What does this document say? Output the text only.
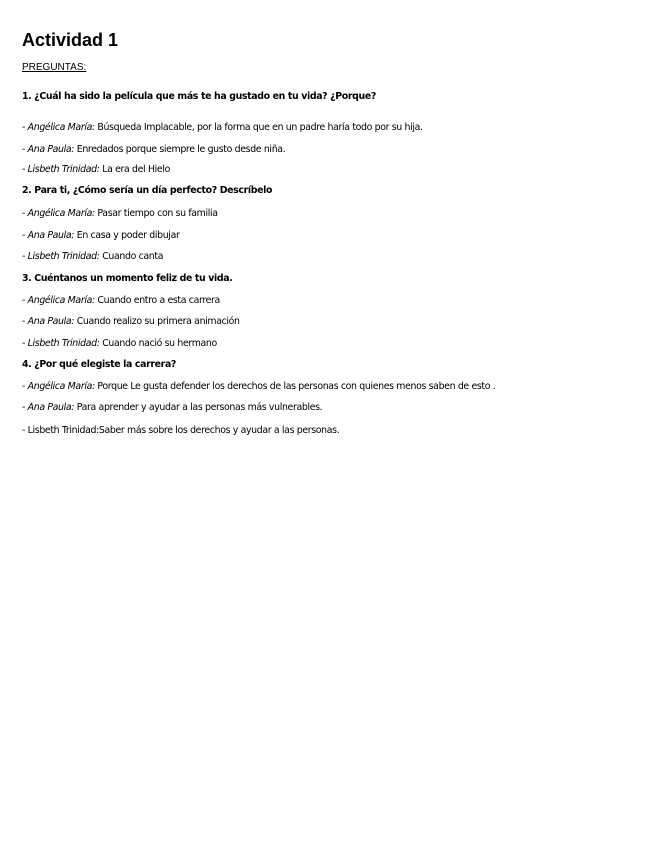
Actividad 1
PREGUNTAS:
1. ¿Cuál ha sido la película que más te ha gustado en tu vida? ¿Porque?
- Angélica María: Búsqueda Implacable, por la forma que en un padre haría todo por su hija.
- Ana Paula: Enredados porque siempre le gusto desde niña.
- Lisbeth Trinidad: La era del Hielo
2. Para ti, ¿Cómo sería un día perfecto? Descríbelo
- Angélica María: Pasar tiempo con su familia
- Ana Paula: En casa y poder dibujar
- Lisbeth Trinidad: Cuando canta
3. Cuéntanos un momento feliz de tu vida.
- Angélica María: Cuando entro a esta carrera
- Ana Paula: Cuando realizo su primera animación
- Lisbeth Trinidad: Cuando nació su hermano
4. ¿Por qué elegiste la carrera?
- Angélica María: Porque Le gusta defender los derechos de las personas con quienes menos saben de esto .
- Ana Paula: Para aprender y ayudar a las personas más vulnerables.
- Lisbeth Trinidad:Saber más sobre los derechos y ayudar a las personas.
